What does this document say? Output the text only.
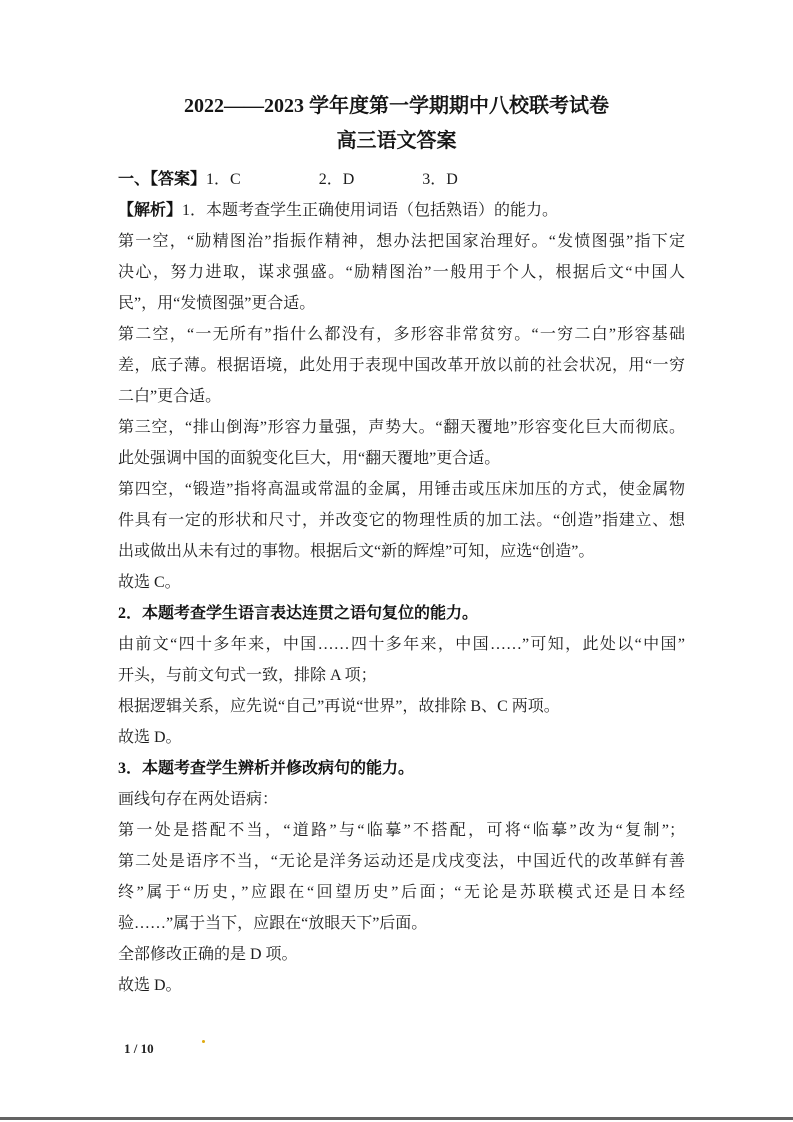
2022——2023 学年度第一学期期中八校联考试卷
高三语文答案
一、【答案】1．C	2．D	3．D
【解析】1．本题考查学生正确使用词语（包括熟语）的能力。
第一空，“励精图治”指振作精神，想办法把国家治理好。“发愤图强”指下定
决心，努力进取，谋求强盛。“励精图治”一般用于个人，根据后文“中国人
民”，用“发愤图强”更合适。
第二空，“一无所有”指什么都没有，多形容非常贫穷。“一穷二白”形容基础
差，底子薄。根据语境，此处用于表现中国改革开放以前的社会状况，用“一穷
二白”更合适。
第三空，“排山倒海”形容力量强，声势大。“翻天覆地”形容变化巨大而彻底。
此处强调中国的面貌变化巨大，用“翻天覆地”更合适。
第四空，“锻造”指将高温或常温的金属，用锤击或压床加压的方式，使金属物
件具有一定的形状和尺寸，并改变它的物理性质的加工法。“创造”指建立、想
出或做出从未有过的事物。根据后文“新的辉煌”可知，应选“创造”。
故选 C。
2．本题考查学生语言表达连贯之语句复位的能力。
由前文“四十多年来，中国……四十多年来，中国……”可知，此处以“中国”
开头，与前文句式一致，排除 A 项；
根据逻辑关系，应先说“自己”再说“世界”，故排除 B、C 两项。
故选 D。
3．本题考查学生辨析并修改病句的能力。
画线句存在两处语病：
第一处是搭配不当，“道路”与“临摹”不搭配，可将“临摹”改为“复制”；
第二处是语序不当，“无论是洋务运动还是戊戌变法，中国近代的改革鲜有善
终”属于“历史，”应跟在“回望历史”后面；“无论是苏联模式还是日本经
验……”属于当下，应跟在“放眼天下”后面。
全部修改正确的是 D 项。
故选 D。
1 / 10
